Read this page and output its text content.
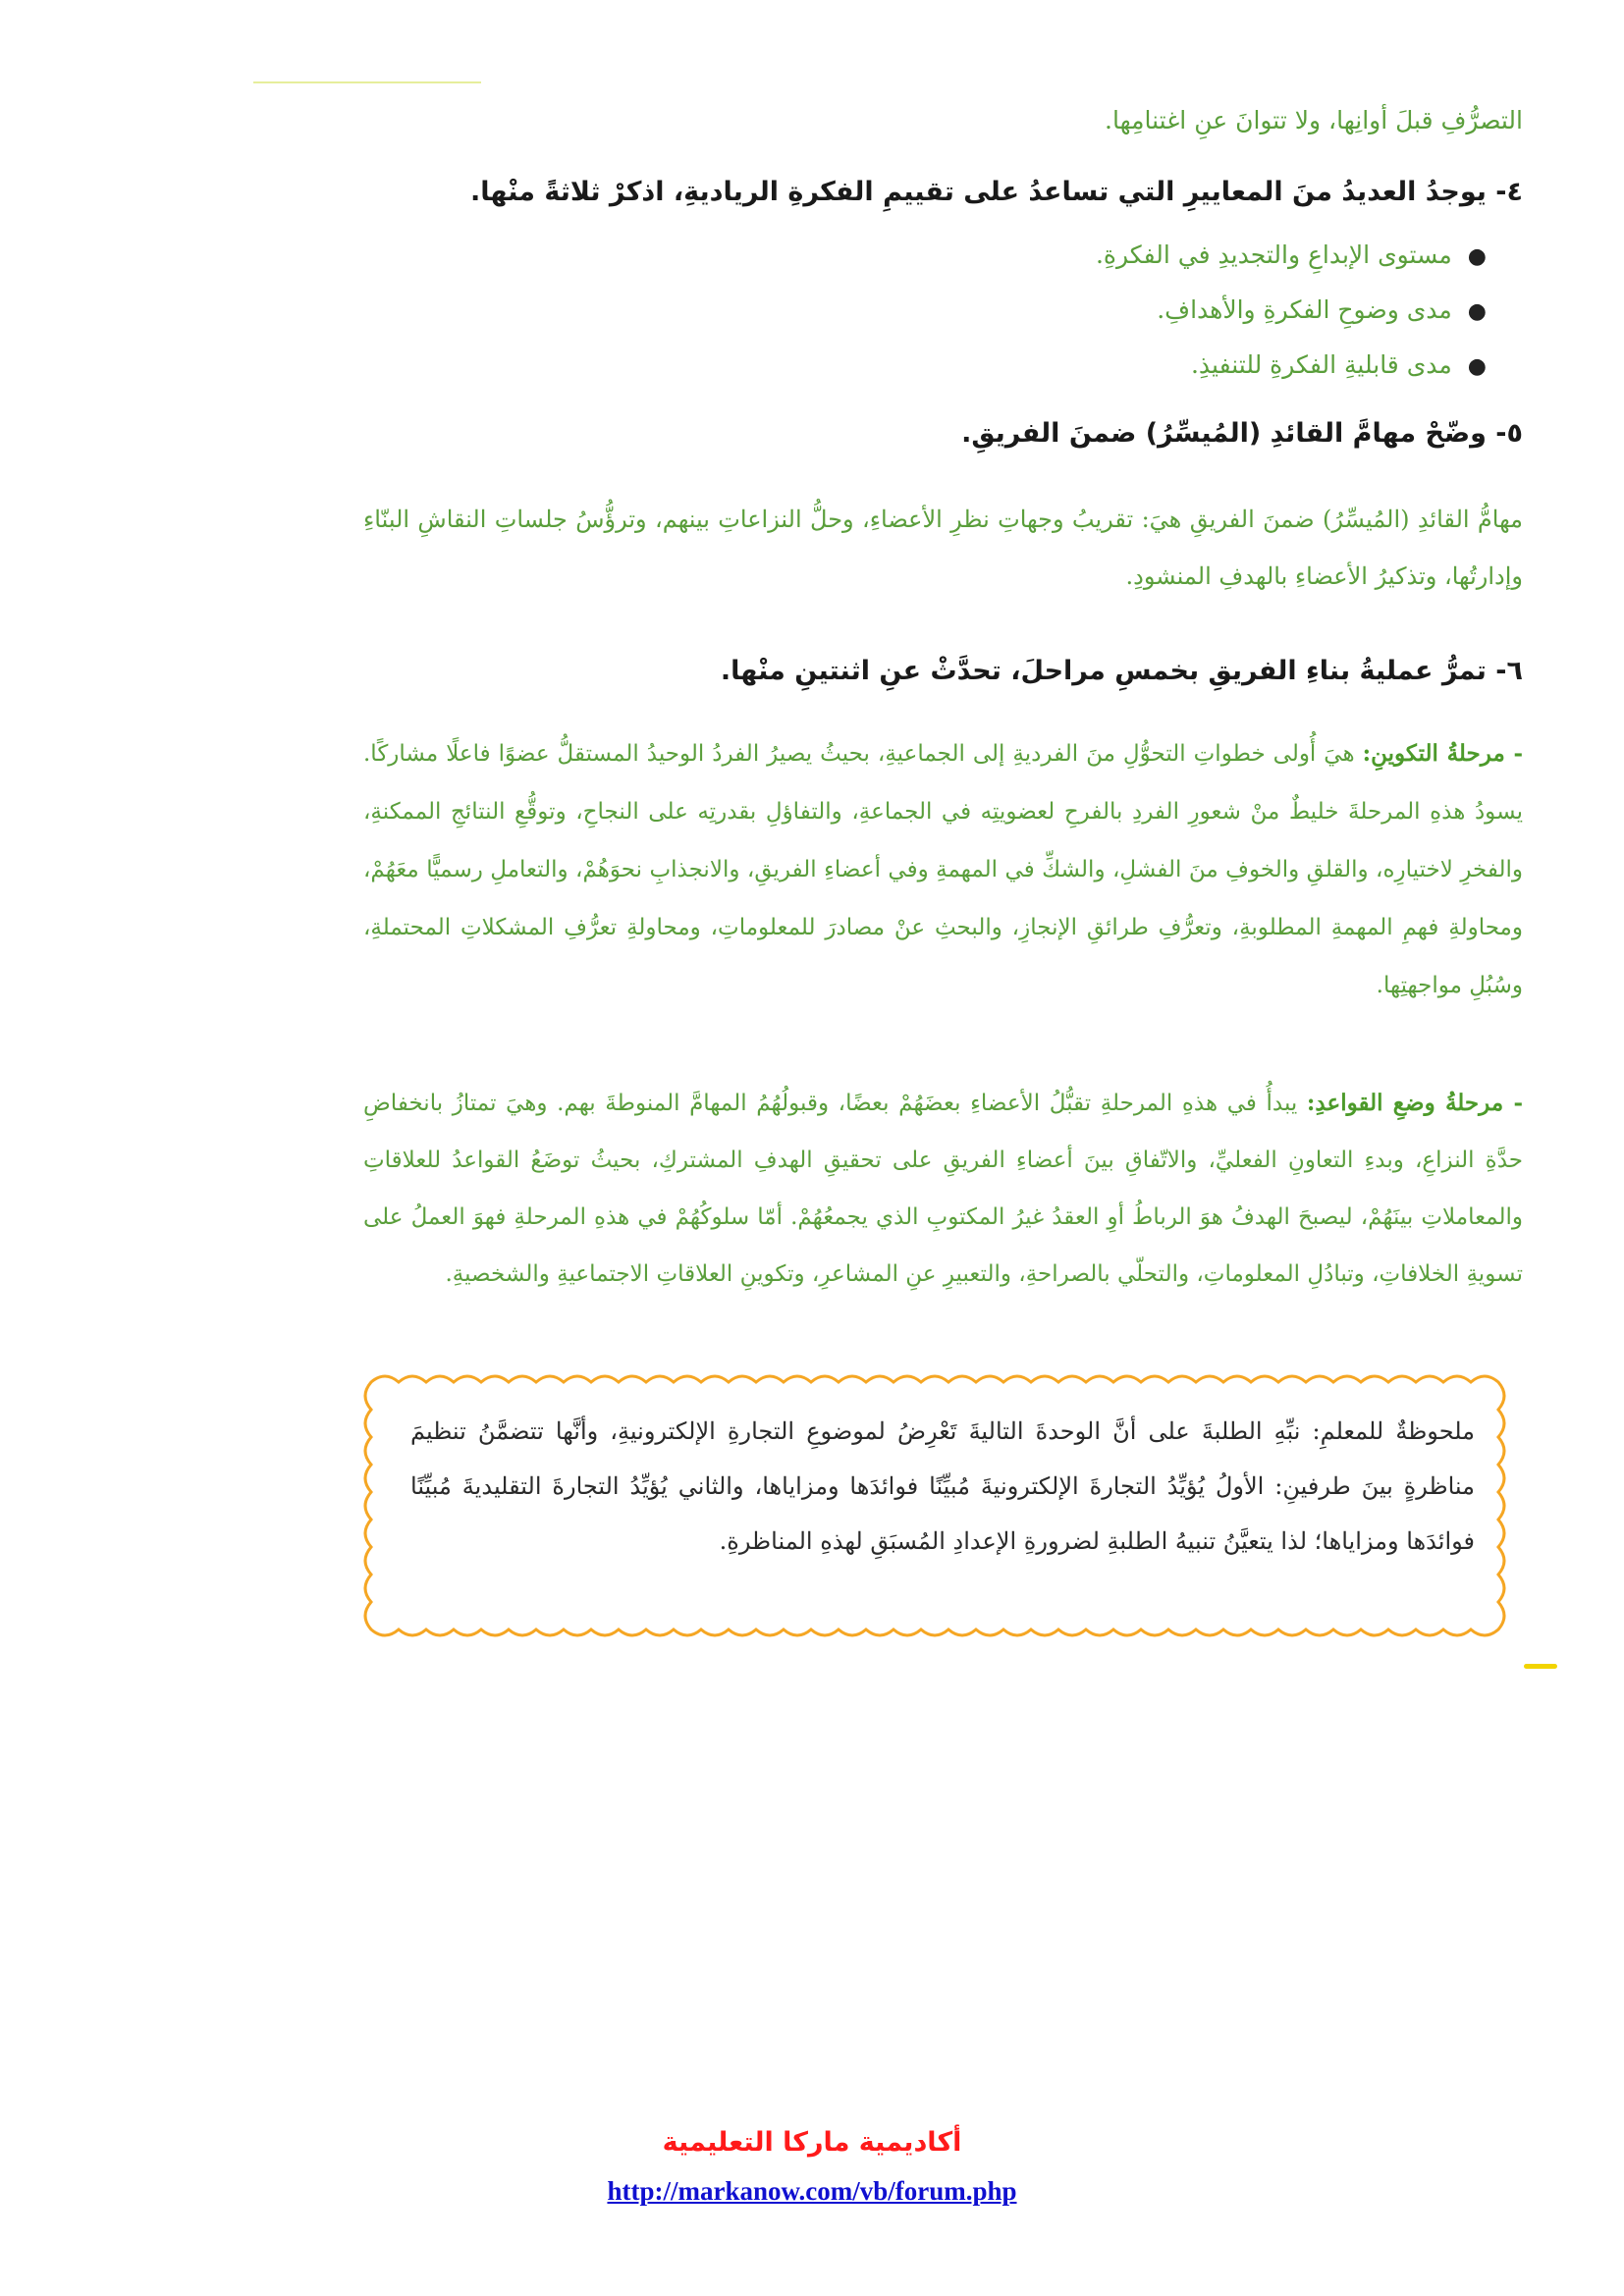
التصرُّفِ قبلَ أوانِها، ولا تتوانَ عنِ اغتنامِها.
٤- يوجدُ العديدُ منَ المعاييرِ التي تساعدُ على تقييمِ الفكرةِ الرياديةِ، اذكرْ ثلاثةً منْها.
●مستوى الإبداعِ والتجديدِ في الفكرةِ.
●مدى وضوحِ الفكرةِ والأهدافِ.
●مدى قابليةِ الفكرةِ للتنفيذِ.
٥- وضّحْ مهامَّ القائدِ (المُيسِّرُ) ضمنَ الفريقِ.
مهامُّ القائدِ (المُيسِّرُ) ضمنَ الفريقِ هيَ: تقريبُ وجهاتِ نظرِ الأعضاءِ، وحلُّ النزاعاتِ بينهم، وترؤُّسُ جلساتِ النقاشِ البنّاءِ وإدارتُها، وتذكيرُ الأعضاءِ بالهدفِ المنشودِ.
٦- تمرُّ عمليةُ بناءِ الفريقِ بخمسِ مراحلَ، تحدَّثْ عنِ اثنتينِ منْها.
- مرحلةُ التكوينِ: هيَ أُولى خطواتِ التحوُّلِ منَ الفرديةِ إلى الجماعيةِ، بحيثُ يصيرُ الفردُ الوحيدُ المستقلُّ عضوًا فاعلًا مشاركًا. يسودُ هذهِ المرحلةَ خليطٌ منْ شعورِ الفردِ بالفرحِ لعضويتِه في الجماعةِ، والتفاؤلِ بقدرتِه على النجاحِ، وتوقُّعِ النتائجِ الممكنةِ، والفخرِ لاختيارِه، والقلقِ والخوفِ منَ الفشلِ، والشكِّ في المهمةِ وفي أعضاءِ الفريقِ، والانجذابِ نحوَهُمْ، والتعاملِ رسميًّا معَهُمْ، ومحاولةِ فهمِ المهمةِ المطلوبةِ، وتعرُّفِ طرائقِ الإنجازِ، والبحثِ عنْ مصادرَ للمعلوماتِ، ومحاولةِ تعرُّفِ المشكلاتِ المحتملةِ، وسُبُلِ مواجهتِها.
- مرحلةُ وضعِ القواعدِ: يبدأُ في هذهِ المرحلةِ تقبُّلُ الأعضاءِ بعضَهُمْ بعضًا، وقبولُهُمُ المهامَّ المنوطةَ بهم. وهيَ تمتازُ بانخفاضِ حدَّةِ النزاعِ، وبدءِ التعاونِ الفعليِّ، والاتّفاقِ بينَ أعضاءِ الفريقِ على تحقيقِ الهدفِ المشتركِ، بحيثُ توضَعُ القواعدُ للعلاقاتِ والمعاملاتِ بينَهُمْ، ليصبحَ الهدفُ هوَ الرباطُ أوِ العقدُ غيرُ المكتوبِ الذي يجمعُهُمْ. أمّا سلوكُهُمْ في هذهِ المرحلةِ فهوَ العملُ على تسويةِ الخلافاتِ، وتبادُلِ المعلوماتِ، والتحلّي بالصراحةِ، والتعبيرِ عنِ المشاعرِ، وتكوينِ العلاقاتِ الاجتماعيةِ والشخصيةِ.
ملحوظةٌ للمعلمِ: نبِّهِ الطلبةَ على أنَّ الوحدةَ التاليةَ تَعْرِضُ لموضوعِ التجارةِ الإلكترونيةِ، وأنَّها تتضمَّنُ تنظيمَ مناظرةٍ بينَ طرفينِ: الأولُ يُؤيِّدُ التجارةَ الإلكترونيةَ مُبيِّنًا فوائدَها ومزاياها، والثاني يُؤيِّدُ التجارةَ التقليديةَ مُبيِّنًا فوائدَها ومزاياها؛ لذا يتعيَّنُ تنبيهُ الطلبةِ لضرورةِ الإعدادِ المُسبَقِ لهذهِ المناظرةِ.
أكاديمية ماركا التعليمية
http://markanow.com/vb/forum.php
